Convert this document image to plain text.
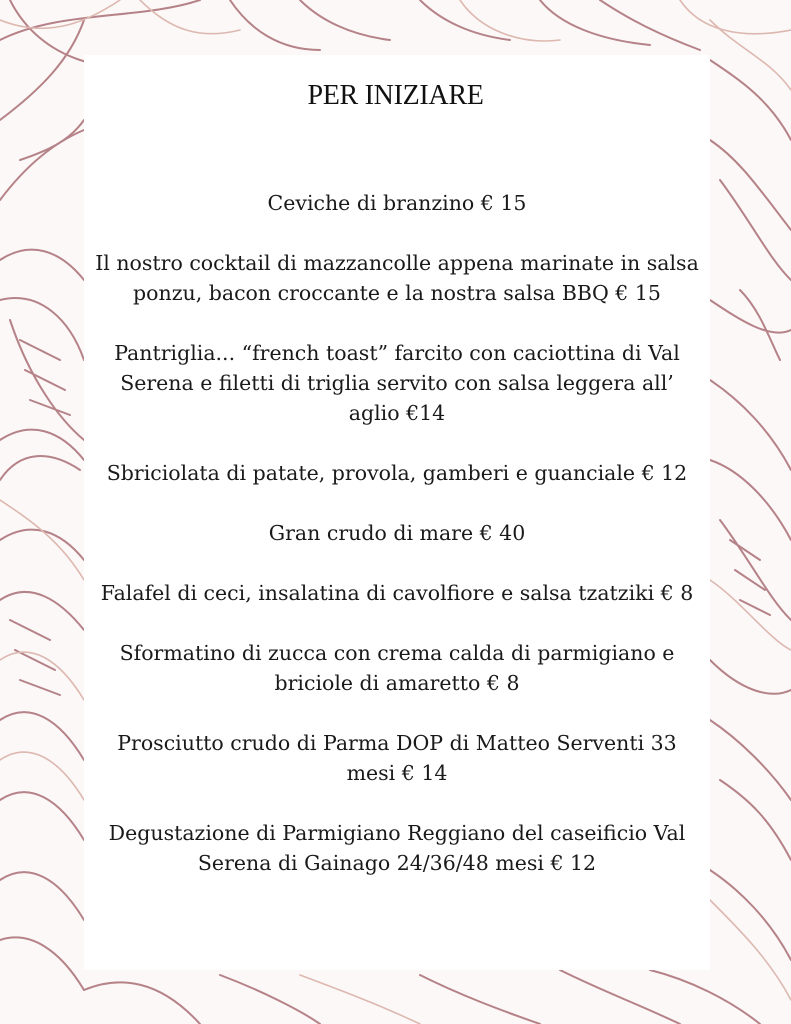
PER INIZIARE
Ceviche di branzino € 15
Il nostro cocktail di mazzancolle appena marinate in salsa ponzu, bacon croccante e la nostra salsa BBQ € 15
Pantriglia... “french toast” farcito con caciottina di Val Serena e filetti di triglia servito con salsa leggera all’ aglio €14
Sbriciolata di patate, provola, gamberi e guanciale € 12
Gran crudo di mare € 40
Falafel di ceci, insalatina di cavolfiore e salsa tzatziki € 8
Sformatino di zucca con crema calda di parmigiano e briciole di amaretto € 8
Prosciutto crudo di Parma DOP di Matteo Serventi 33 mesi € 14
Degustazione di Parmigiano Reggiano del caseificio Val Serena di Gainago 24/36/48 mesi € 12
